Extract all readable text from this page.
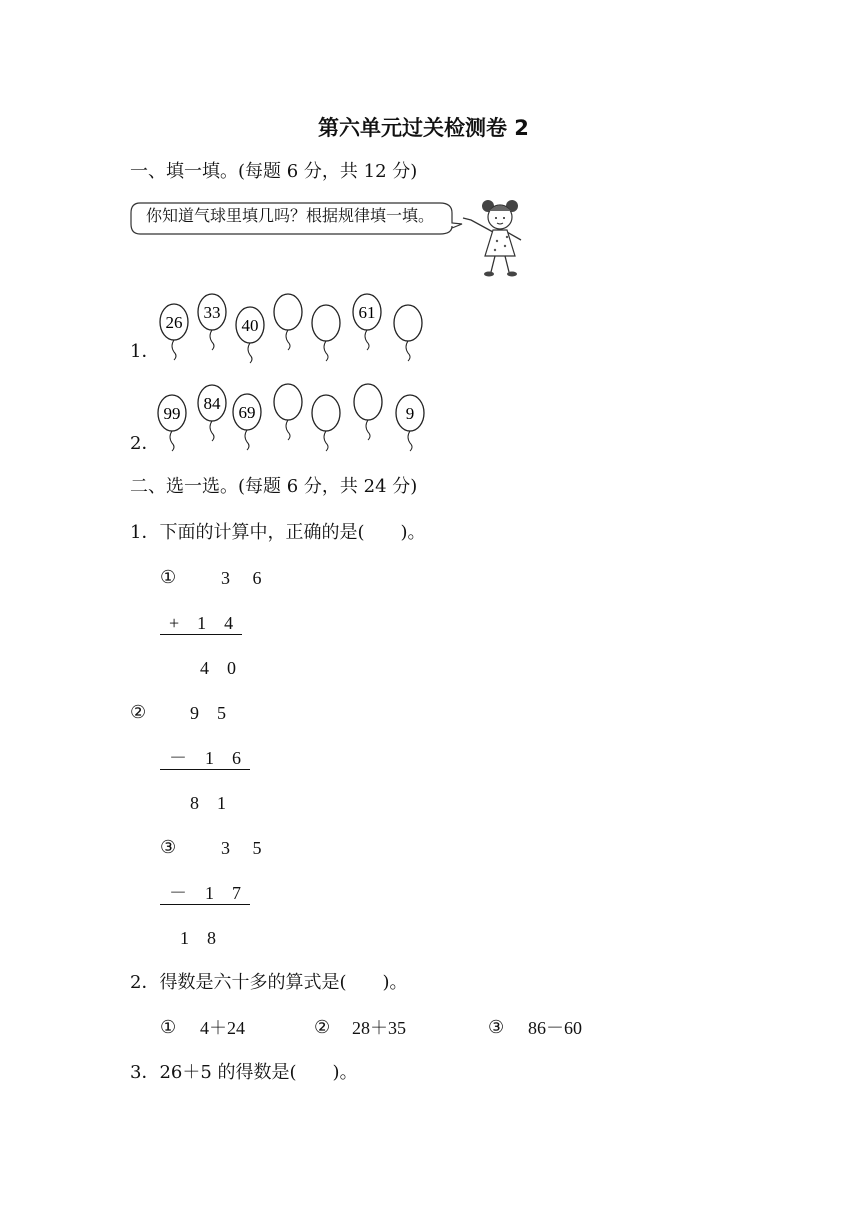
第六单元过关检测卷 2
一、填一填。(每题 6 分，共 12 分)
你知道气球里填几吗？根据规律填一填。
1．
26
33
40
61
2．
99
84 69	9
二、选一选。(每题 6 分，共 24 分)
1．下面的计算中，正确的是(　　)。
① 3　 6
+　1　4
4　0
② 9　5
－　1　6
8　1
③ 3　 5
－　1　7
1　8
2．得数是六十多的算式是(　　)。
① 4＋24	② 28＋35	③ 86－60
3．26＋5 的得数是(　　)。
